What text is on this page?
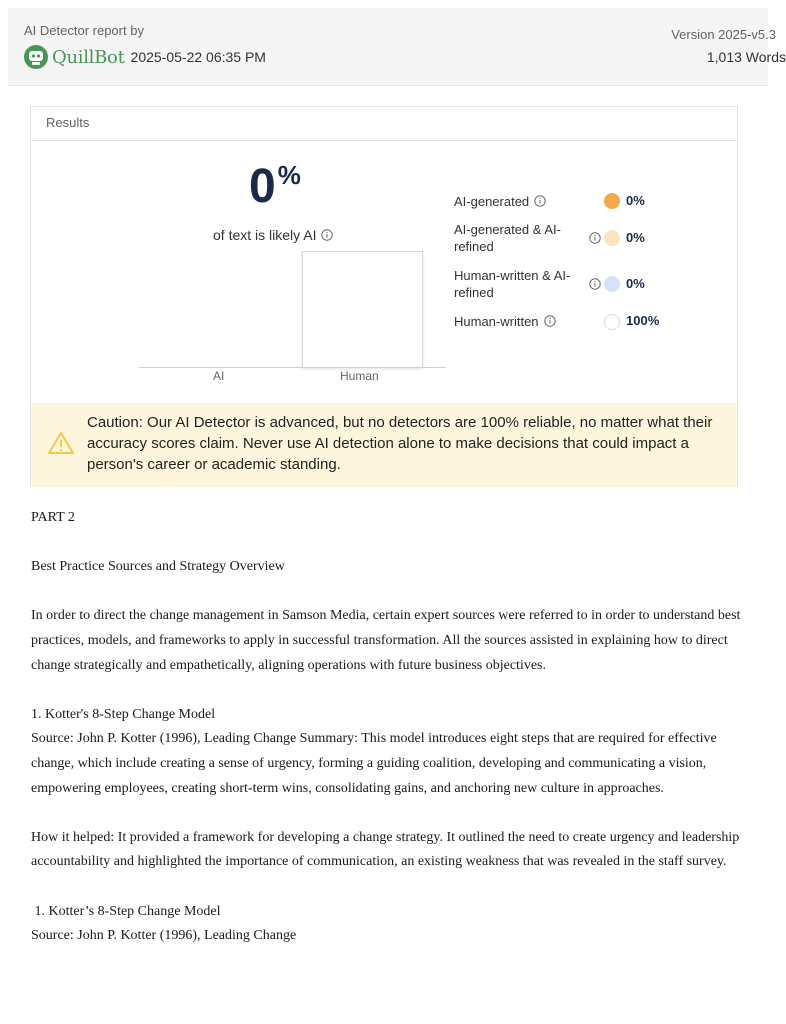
AI Detector report by
QuillBot 2025-05-22 06:35 PM
Version 2025-v5.3
1,013 Words
Results
0%
of text is likely AI
AI	Human
AI-generated	0%
AI-generated & AI-
refined
0%
Human-written & AI-
refined
0%
Human-written	100%
Caution: Our AI Detector is advanced, but no detectors are 100% reliable, no matter what their accuracy scores claim. Never use AI detection alone to make decisions that could impact a person's career or academic standing.

PART 2

Best Practice Sources and Strategy Overview

In order to direct the change management in Samson Media, certain expert sources were referred to in order to understand best practices, models, and frameworks to apply in successful transformation. All the sources assisted in explaining how to direct change strategically and empathetically, aligning operations with future business objectives.

1. Kotter's 8-Step Change Model

Source: John P. Kotter (1996), Leading Change Summary: This model introduces eight steps that are required for effective change, which include creating a sense of urgency, forming a guiding coalition, developing and communicating a vision, empowering employees, creating short-term wins, consolidating gains, and anchoring new culture in approaches.

How it helped: It provided a framework for developing a change strategy. It outlined the need to create urgency and leadership accountability and highlighted the importance of communication, an existing weakness that was revealed in the staff survey.

1. Kotter’s 8-Step Change Model

Source: John P. Kotter (1996), Leading Change
